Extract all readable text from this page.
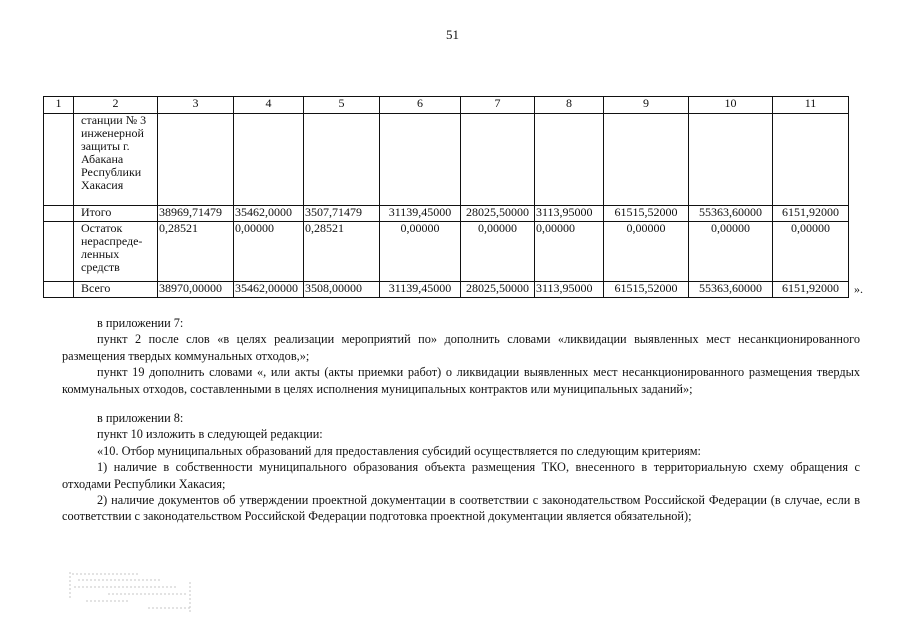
51
1	2	3	4	5	6	7	8	9	10	11
	станции № 3 инженерной защиты г. Абакана Республики Хакасия									
	Итого	38969,71479	35462,0000	3507,71479	31139,45000	28025,50000	3113,95000	61515,52000	55363,60000	6151,92000
	Остаток нераспреде-ленных средств	0,28521	0,00000	0,28521	0,00000	0,00000	0,00000	0,00000	0,00000	0,00000
	Всего	38970,00000	35462,00000	3508,00000	31139,45000	28025,50000	3113,95000	61515,52000	55363,60000	6151,92000 ».

в приложении 7:

пункт 2 после слов «в целях реализации мероприятий по» дополнить словами «ликвидации выявленных мест несанкционированного размещения твердых коммунальных отходов,»;

пункт 19 дополнить словами «, или акты (акты приемки работ) о ликвидации выявленных мест несанкционированного размещения твердых коммунальных отходов, составленными в целях исполнения муниципальных контрактов или муниципальных заданий»;

в приложении 8:

пункт 10 изложить в следующей редакции:

«10. Отбор муниципальных образований для предоставления субсидий осуществляется по следующим критериям:

1) наличие в собственности муниципального образования объекта размещения ТКО, внесенного в территориальную схему обращения с отходами Республики Хакасия;

2) наличие документов об утверждении проектной документации в соответствии с законодательством Российской Федерации (в случае, если в соответствии с законодательством Российской Федерации подготовка проектной документации является обязательной);
